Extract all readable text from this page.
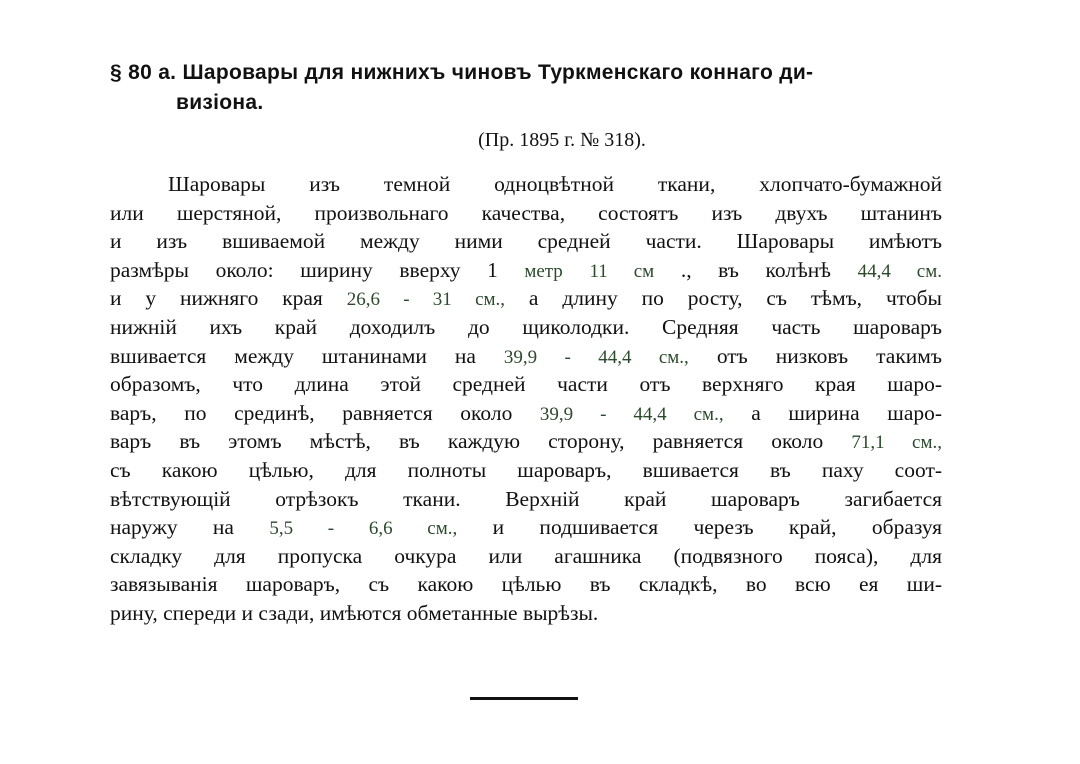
§ 80 а. Шаровары для нижнихъ чиновъ Туркменскаго коннаго ди-
визіона.
(Пр. 1895 г. № 318).
Шаровары изъ темной одноцвѣтной ткани, хлопчато-бумажной
или шерстяной, произвольнаго качества, состоятъ изъ двухъ штанинъ
и изъ вшиваемой между ними средней части. Шаровары имѣютъ
размѣры около: ширину вверху 1 метр 11 см ., въ колѣнѣ 44,4 см.
и у нижняго края 26,6 - 31 см., а длину по росту, съ тѣмъ, чтобы
нижній ихъ край доходилъ до щиколодки. Средняя часть шароваръ
вшивается между штанинами на 39,9 - 44,4 см., отъ низковъ такимъ
образомъ, что длина этой средней части отъ верхняго края шаро-
варъ, по срединѣ, равняется около 39,9 - 44,4 см., а ширина шаро-
варъ въ этомъ мѣстѣ, въ каждую сторону, равняется около 71,1 см.,
съ какою цѣлью, для полноты шароваръ, вшивается въ паху соот-
вѣтствующій отрѣзокъ ткани. Верхній край шароваръ загибается
наружу на 5,5 - 6,6 см., и подшивается черезъ край, образуя
складку для пропуска очкура или агашника (подвязного пояса), для
завязыванія шароваръ, съ какою цѣлью въ складкѣ, во всю ея ши-
рину, спереди и сзади, имѣются обметанные вырѣзы.
